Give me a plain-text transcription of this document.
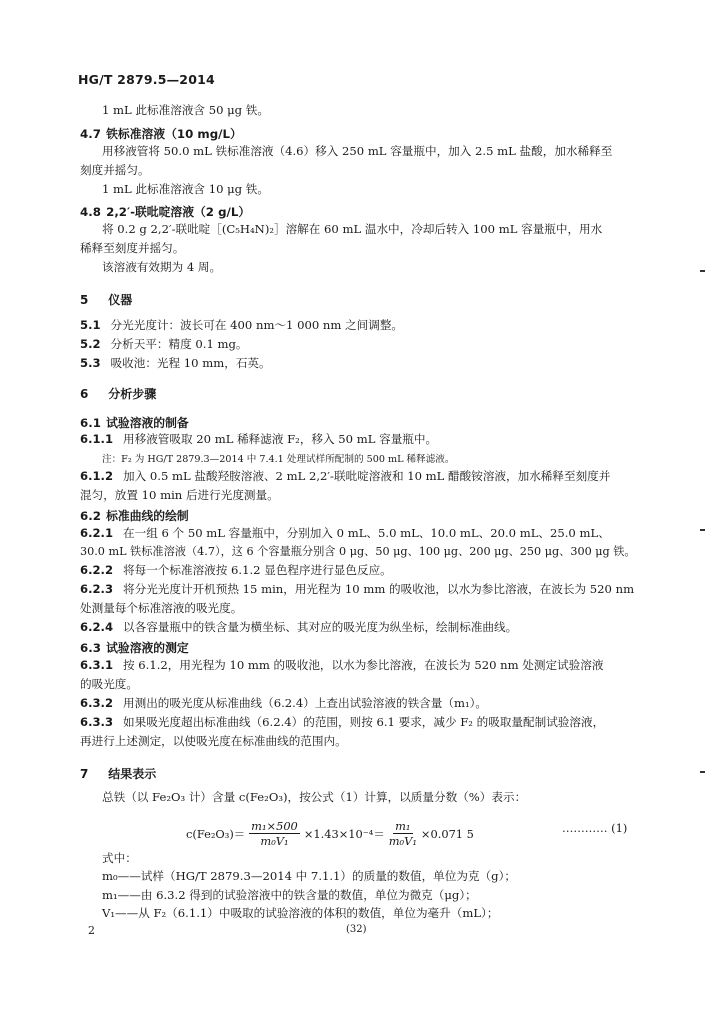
HG/T 2879.5—2014
1 mL 此标准溶液含 50 μg 铁。
4.7 铁标准溶液（10 mg/L）
用移液管将 50.0 mL 铁标准溶液（4.6）移入 250 mL 容量瓶中，加入 2.5 mL 盐酸，加水稀释至
刻度并摇匀。
1 mL 此标准溶液含 10 μg 铁。
4.8 2,2′-联吡啶溶液（2 g/L）
将 0.2 g 2,2′-联吡啶［(C₅H₄N)₂］溶解在 60 mL 温水中，冷却后转入 100 mL 容量瓶中，用水
稀释至刻度并摇匀。
该溶液有效期为 4 周。
5 仪器
5.1 分光光度计：波长可在 400 nm～1 000 nm 之间调整。
5.2 分析天平：精度 0.1 mg。
5.3 吸收池：光程 10 mm，石英。
6 分析步骤
6.1 试验溶液的制备
6.1.1 用移液管吸取 20 mL 稀释滤液 F₂，移入 50 mL 容量瓶中。
注：F₂ 为 HG/T 2879.3—2014 中 7.4.1 处理试样所配制的 500 mL 稀释滤液。
6.1.2 加入 0.5 mL 盐酸羟胺溶液、2 mL 2,2′-联吡啶溶液和 10 mL 醋酸铵溶液，加水稀释至刻度并
混匀，放置 10 min 后进行光度测量。
6.2 标准曲线的绘制
6.2.1 在一组 6 个 50 mL 容量瓶中，分别加入 0 mL、5.0 mL、10.0 mL、20.0 mL、25.0 mL、
30.0 mL 铁标准溶液（4.7），这 6 个容量瓶分别含 0 μg、50 μg、100 μg、200 μg、250 μg、300 μg 铁。
6.2.2 将每一个标准溶液按 6.1.2 显色程序进行显色反应。
6.2.3 将分光光度计开机预热 15 min，用光程为 10 mm 的吸收池，以水为参比溶液，在波长为 520 nm
处测量每个标准溶液的吸光度。
6.2.4 以各容量瓶中的铁含量为横坐标、其对应的吸光度为纵坐标，绘制标准曲线。
6.3 试验溶液的测定
6.3.1 按 6.1.2，用光程为 10 mm 的吸收池，以水为参比溶液，在波长为 520 nm 处测定试验溶液
的吸光度。
6.3.2 用测出的吸光度从标准曲线（6.2.4）上查出试验溶液的铁含量（m₁）。
6.3.3 如果吸光度超出标准曲线（6.2.4）的范围，则按 6.1 要求，减少 F₂ 的吸取量配制试验溶液，
再进行上述测定，以使吸光度在标准曲线的范围内。
7 结果表示
总铁（以 Fe₂O₃ 计）含量 c(Fe₂O₃)，按公式（1）计算，以质量分数（%）表示：
$c(Fe_2O_3)= \frac{\text{m₁×500}}{\text{m₀V₁}} \times 1.43\times 10^{-4}= \frac{\text{m₁}}{\text{m₀V₁}} \times 0.071$ 5	………… (1)
式中：
m₀——试样（HG/T 2879.3—2014 中 7.1.1）的质量的数值，单位为克（g）；
m₁——由 6.3.2 得到的试验溶液中的铁含量的数值，单位为微克（μg）；
V₁——从 F₂（6.1.1）中吸取的试验溶液的体积的数值，单位为毫升（mL）；
2	(32)
